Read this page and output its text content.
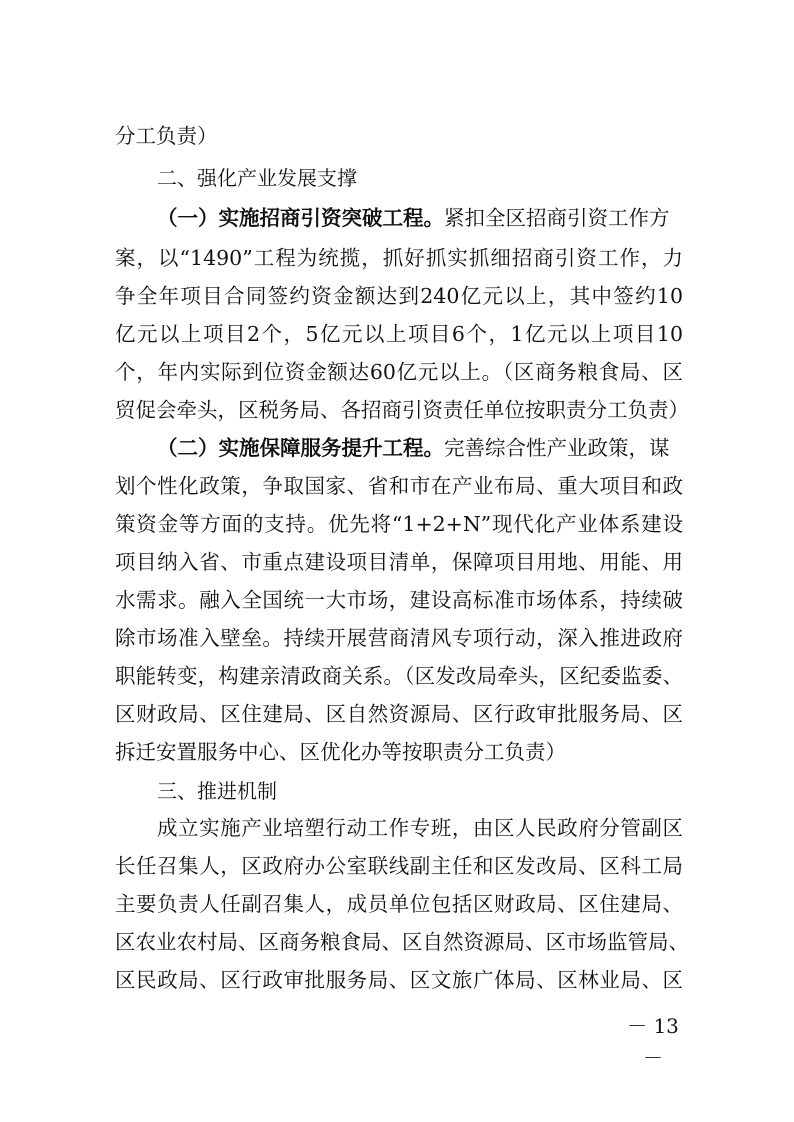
分工负责）
二、强化产业发展支撑
（一）实施招商引资突破工程。紧扣全区招商引资工作方
案，以“1490”工程为统揽，抓好抓实抓细招商引资工作，力
争全年项目合同签约资金额达到240亿元以上，其中签约10
亿元以上项目2个，5亿元以上项目6个，1亿元以上项目10
个，年内实际到位资金额达60亿元以上。（区商务粮食局、区
贸促会牵头，区税务局、各招商引资责任单位按职责分工负责）
（二）实施保障服务提升工程。完善综合性产业政策，谋
划个性化政策，争取国家、省和市在产业布局、重大项目和政
策资金等方面的支持。优先将“1+2+N”现代化产业体系建设
项目纳入省、市重点建设项目清单，保障项目用地、用能、用
水需求。融入全国统一大市场，建设高标准市场体系，持续破
除市场准入壁垒。持续开展营商清风专项行动，深入推进政府
职能转变，构建亲清政商关系。（区发改局牵头，区纪委监委、
区财政局、区住建局、区自然资源局、区行政审批服务局、区
拆迁安置服务中心、区优化办等按职责分工负责）
三、推进机制
成立实施产业培塑行动工作专班，由区人民政府分管副区
长任召集人，区政府办公室联线副主任和区发改局、区科工局
主要负责人任副召集人，成员单位包括区财政局、区住建局、
区农业农村局、区商务粮食局、区自然资源局、区市场监管局、
区民政局、区行政审批服务局、区文旅广体局、区林业局、区
－ 13 －
